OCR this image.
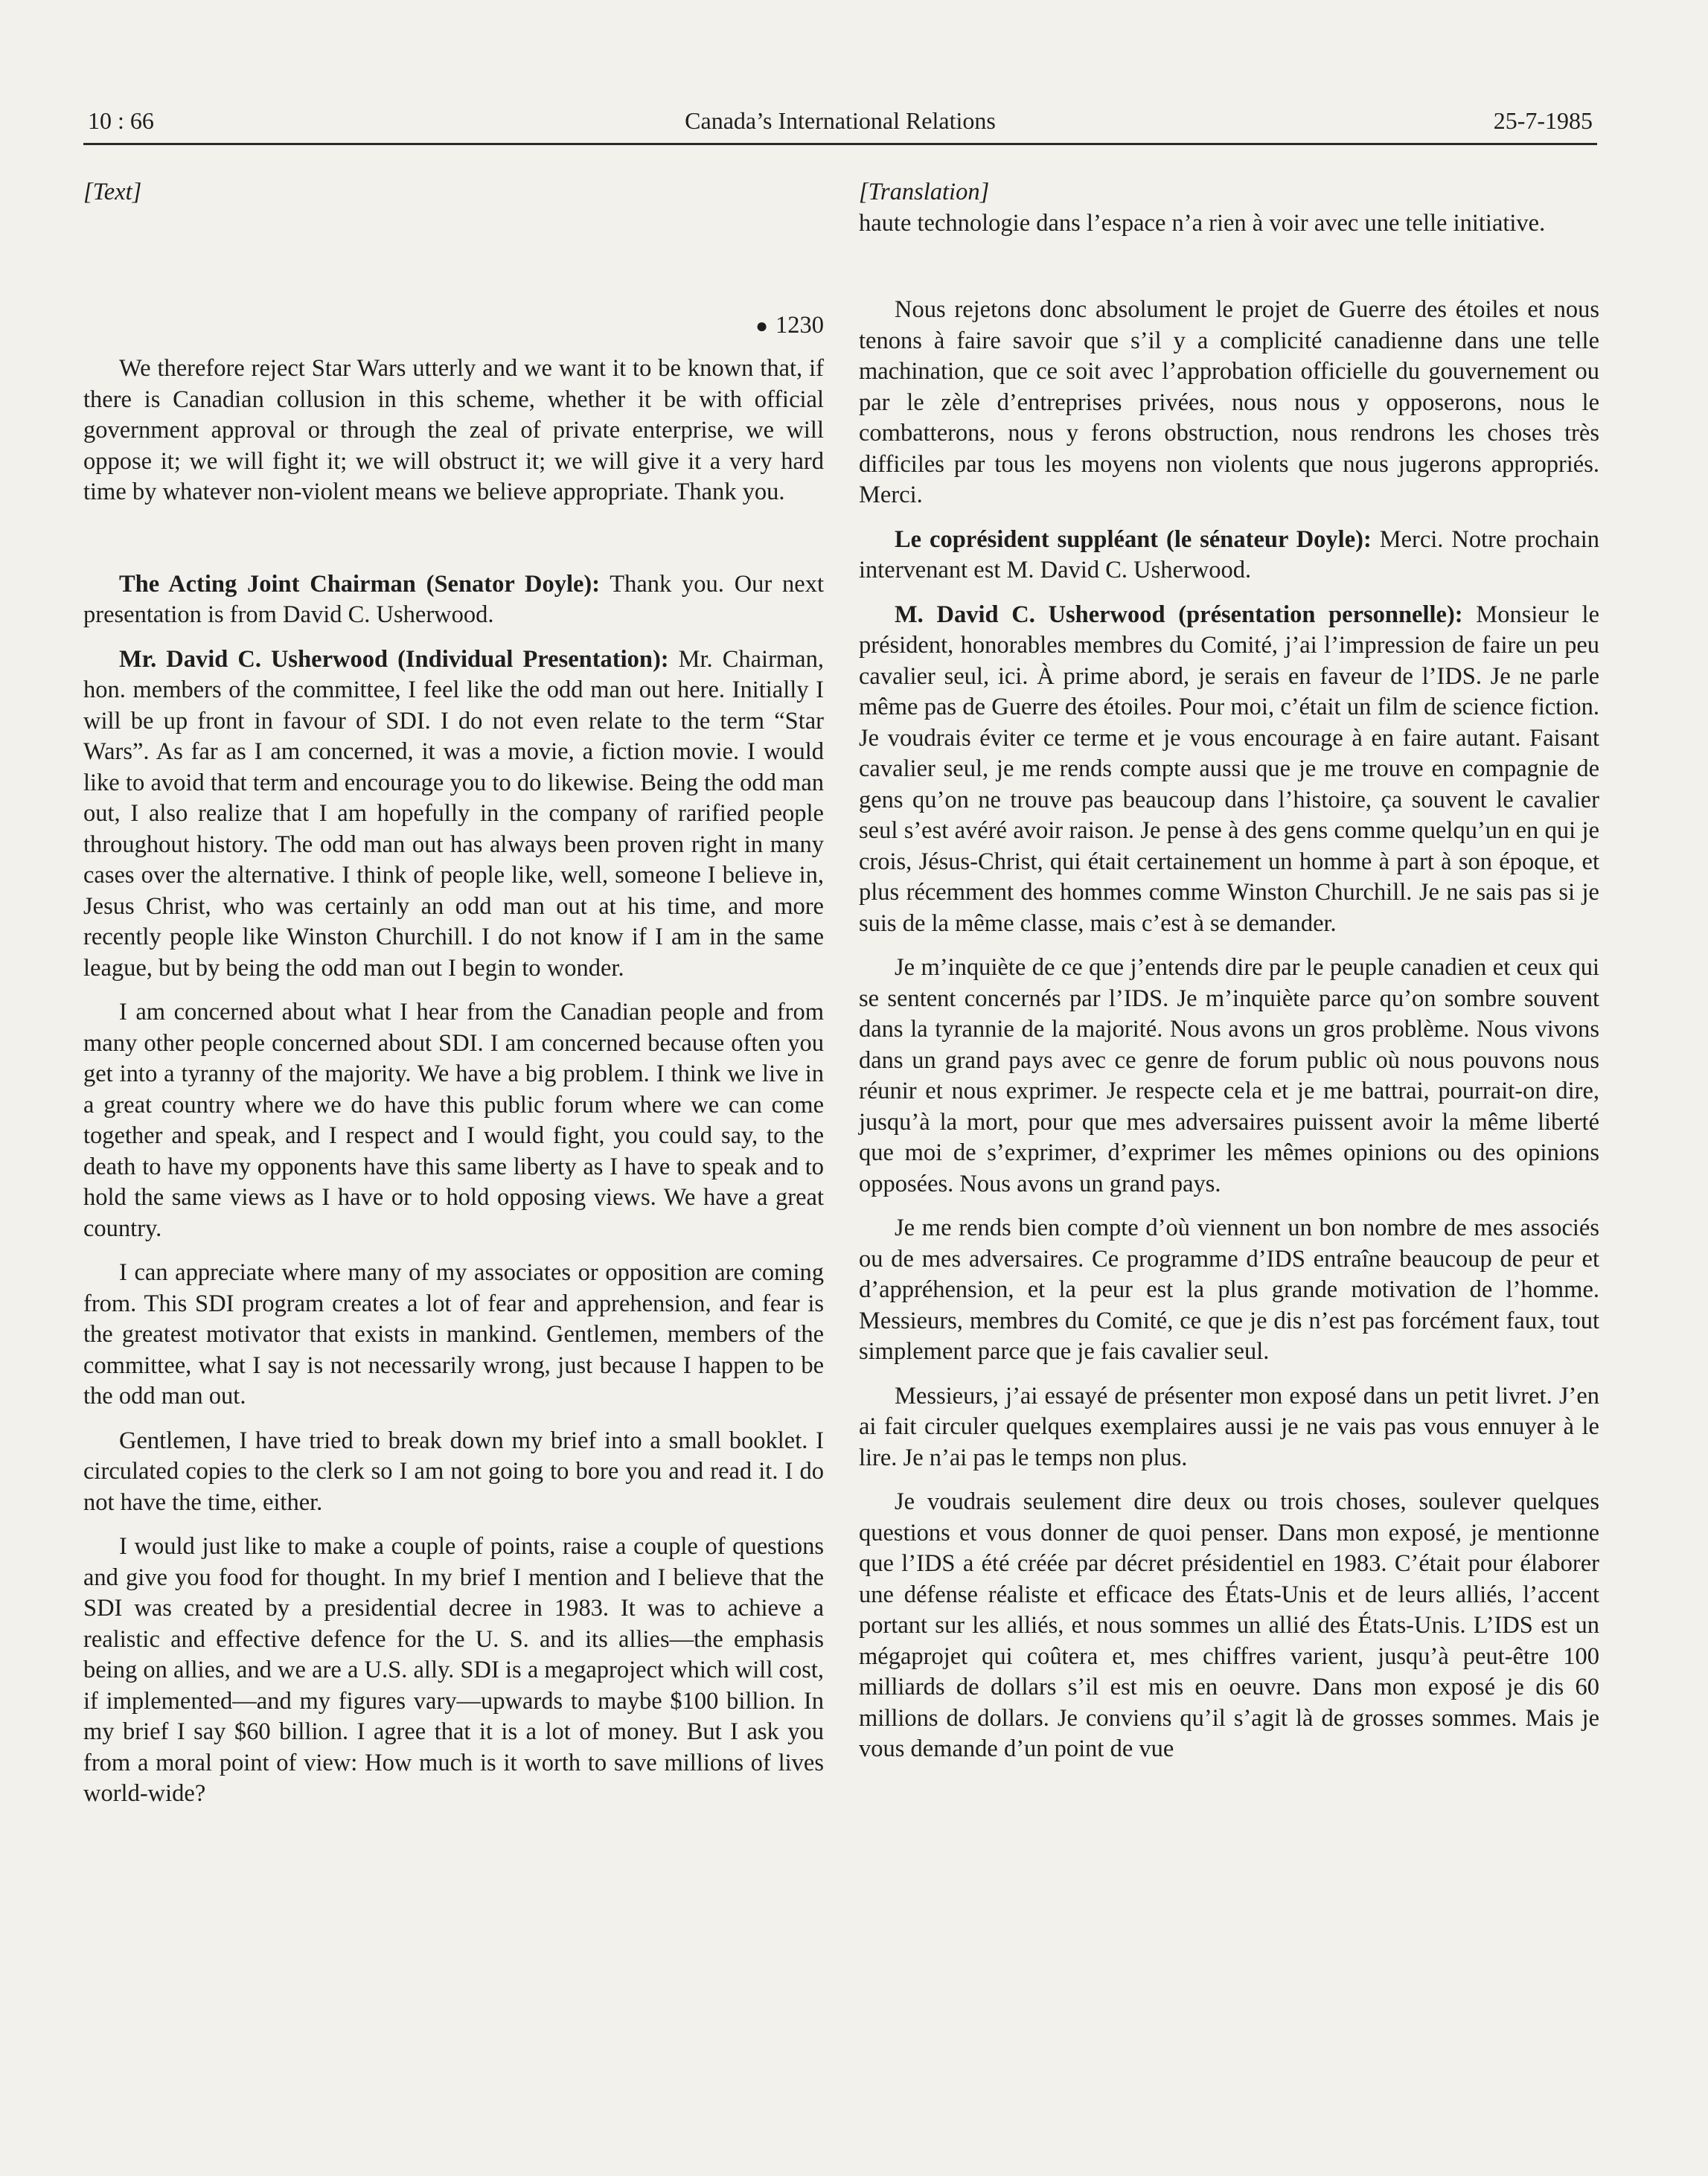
10 : 66	Canada’s International Relations	25-7-1985

[Text]

● 1230

We therefore reject Star Wars utterly and we want it to be known that, if there is Canadian collusion in this scheme, whether it be with official government approval or through the zeal of private enterprise, we will oppose it; we will fight it; we will obstruct it; we will give it a very hard time by whatever non-violent means we believe appropriate. Thank you.

The Acting Joint Chairman (Senator Doyle): Thank you. Our next presentation is from David C. Usherwood.

Mr. David C. Usherwood (Individual Presentation): Mr. Chairman, hon. members of the committee, I feel like the odd man out here. Initially I will be up front in favour of SDI. I do not even relate to the term “Star Wars”. As far as I am concerned, it was a movie, a fiction movie. I would like to avoid that term and encourage you to do likewise. Being the odd man out, I also realize that I am hopefully in the company of rarified people throughout history. The odd man out has always been proven right in many cases over the alternative. I think of people like, well, someone I believe in, Jesus Christ, who was certainly an odd man out at his time, and more recently people like Winston Churchill. I do not know if I am in the same league, but by being the odd man out I begin to wonder.

I am concerned about what I hear from the Canadian people and from many other people concerned about SDI. I am concerned because often you get into a tyranny of the majority. We have a big problem. I think we live in a great country where we do have this public forum where we can come together and speak, and I respect and I would fight, you could say, to the death to have my opponents have this same liberty as I have to speak and to hold the same views as I have or to hold opposing views. We have a great country.

I can appreciate where many of my associates or opposition are coming from. This SDI program creates a lot of fear and apprehension, and fear is the greatest motivator that exists in mankind. Gentlemen, members of the committee, what I say is not necessarily wrong, just because I happen to be the odd man out.

Gentlemen, I have tried to break down my brief into a small booklet. I circulated copies to the clerk so I am not going to bore you and read it. I do not have the time, either.

I would just like to make a couple of points, raise a couple of questions and give you food for thought. In my brief I mention and I believe that the SDI was created by a presidential decree in 1983. It was to achieve a realistic and effective defence for the U. S. and its allies—the emphasis being on allies, and we are a U.S. ally. SDI is a megaproject which will cost, if implemented—and my figures vary—upwards to maybe $100 billion. In my brief I say $60 billion. I agree that it is a lot of money. But I ask you from a moral point of view: How much is it worth to save millions of lives world-wide?

[Translation]

haute technologie dans l’espace n’a rien à voir avec une telle initiative.

Nous rejetons donc absolument le projet de Guerre des étoiles et nous tenons à faire savoir que s’il y a complicité canadienne dans une telle machination, que ce soit avec l’approbation officielle du gouvernement ou par le zèle d’entreprises privées, nous nous y opposerons, nous le combatterons, nous y ferons obstruction, nous rendrons les choses très difficiles par tous les moyens non violents que nous jugerons appropriés. Merci.

Le coprésident suppléant (le sénateur Doyle): Merci. Notre prochain intervenant est M. David C. Usherwood.

M. David C. Usherwood (présentation personnelle): Monsieur le président, honorables membres du Comité, j’ai l’impression de faire un peu cavalier seul, ici. À prime abord, je serais en faveur de l’IDS. Je ne parle même pas de Guerre des étoiles. Pour moi, c’était un film de science fiction. Je voudrais éviter ce terme et je vous encourage à en faire autant. Faisant cavalier seul, je me rends compte aussi que je me trouve en compagnie de gens qu’on ne trouve pas beaucoup dans l’histoire, ça souvent le cavalier seul s’est avéré avoir raison. Je pense à des gens comme quelqu’un en qui je crois, Jésus-Christ, qui était certainement un homme à part à son époque, et plus récemment des hommes comme Winston Churchill. Je ne sais pas si je suis de la même classe, mais c’est à se demander.

Je m’inquiète de ce que j’entends dire par le peuple canadien et ceux qui se sentent concernés par l’IDS. Je m’inquiète parce qu’on sombre souvent dans la tyrannie de la majorité. Nous avons un gros problème. Nous vivons dans un grand pays avec ce genre de forum public où nous pouvons nous réunir et nous exprimer. Je respecte cela et je me battrai, pourrait-on dire, jusqu’à la mort, pour que mes adversaires puissent avoir la même liberté que moi de s’exprimer, d’exprimer les mêmes opinions ou des opinions opposées. Nous avons un grand pays.

Je me rends bien compte d’où viennent un bon nombre de mes associés ou de mes adversaires. Ce programme d’IDS entraîne beaucoup de peur et d’appréhension, et la peur est la plus grande motivation de l’homme. Messieurs, membres du Comité, ce que je dis n’est pas forcément faux, tout simplement parce que je fais cavalier seul.

Messieurs, j’ai essayé de présenter mon exposé dans un petit livret. J’en ai fait circuler quelques exemplaires aussi je ne vais pas vous ennuyer à le lire. Je n’ai pas le temps non plus.

Je voudrais seulement dire deux ou trois choses, soulever quelques questions et vous donner de quoi penser. Dans mon exposé, je mentionne que l’IDS a été créée par décret présidentiel en 1983. C’était pour élaborer une défense réaliste et efficace des États-Unis et de leurs alliés, l’accent portant sur les alliés, et nous sommes un allié des États-Unis. L’IDS est un mégaprojet qui coûtera et, mes chiffres varient, jusqu’à peut-être 100 milliards de dollars s’il est mis en oeuvre. Dans mon exposé je dis 60 millions de dollars. Je conviens qu’il s’agit là de grosses sommes. Mais je vous demande d’un point de vue
